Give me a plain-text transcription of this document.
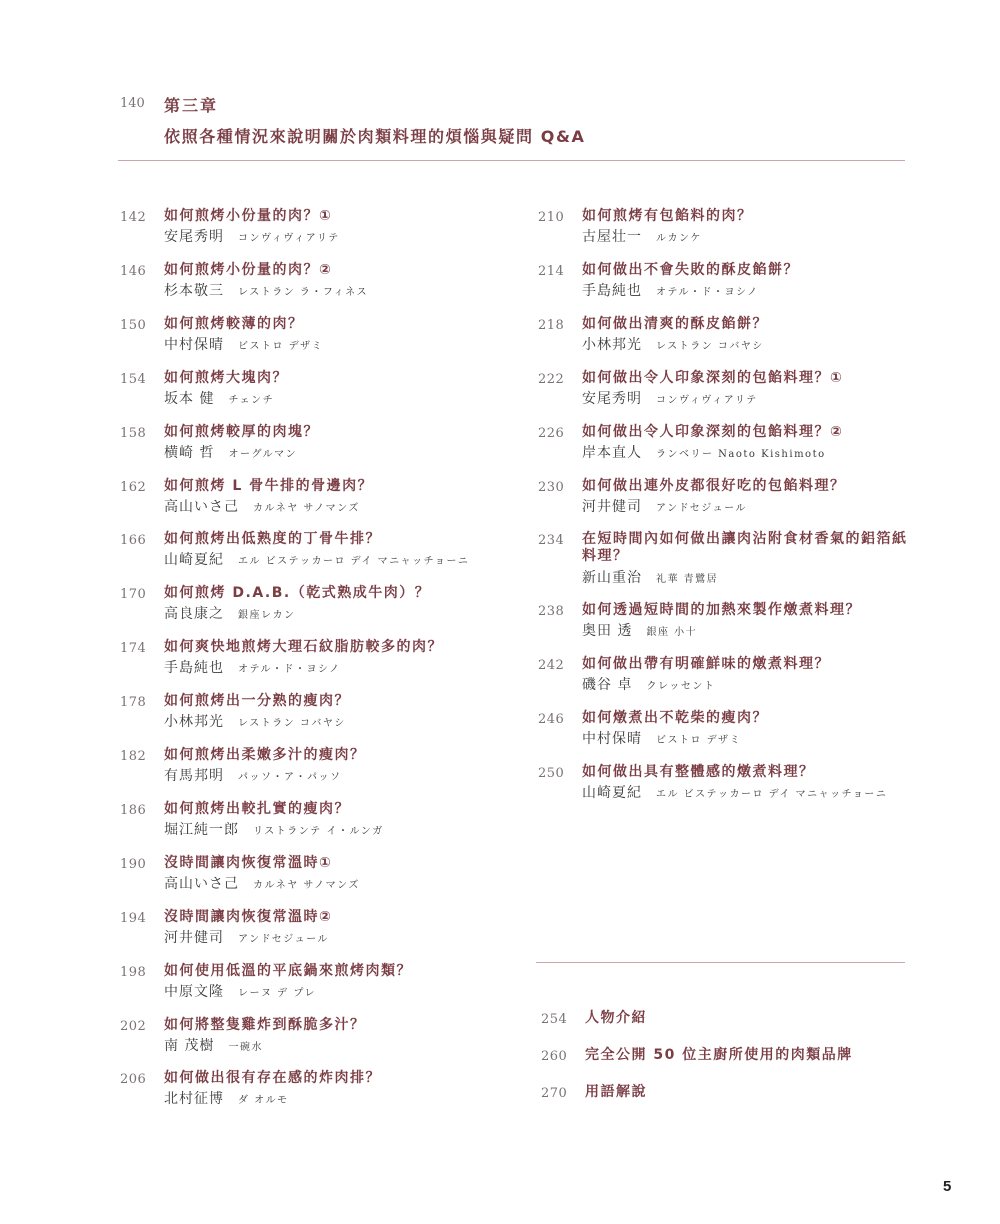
140 第三章
依照各種情況來說明關於肉類料理的煩惱與疑問 Q&A
142 如何煎烤小份量的肉？①
安尾秀明 コンヴィヴィアリテ
146 如何煎烤小份量的肉？②
杉本敬三 レストラン ラ・フィネス
150 如何煎烤較薄的肉？
中村保晴 ビストロ デザミ
154 如何煎烤大塊肉？
坂本 健 チェンチ
158 如何煎烤較厚的肉塊？
横崎 哲 オーグルマン
162 如何煎烤 L 骨牛排的骨邊肉？
高山いさ己 カルネヤ サノマンズ
166 如何煎烤出低熟度的丁骨牛排？
山崎夏紀 エル ビステッカーロ デイ マニャッチョーニ
170 如何煎烤 D.A.B.（乾式熟成牛肉）？
高良康之 銀座レカン
174 如何爽快地煎烤大理石紋脂肪較多的肉？
手島純也 オテル・ド・ヨシノ
178 如何煎烤出一分熟的瘦肉？
小林邦光 レストラン コバヤシ
182 如何煎烤出柔嫩多汁的瘦肉？
有馬邦明 パッソ・ア・パッソ
186 如何煎烤出較扎實的瘦肉？
堀江純一郎 リストランテ イ・ルンガ
190 沒時間讓肉恢復常溫時①
高山いさ己 カルネヤ サノマンズ
194 沒時間讓肉恢復常溫時②
河井健司 アンドセジュール
198 如何使用低溫的平底鍋來煎烤肉類？
中原文隆 レーヌ デ プレ
202 如何將整隻雞炸到酥脆多汁？
南 茂樹 一碗水
206 如何做出很有存在感的炸肉排？
北村征博 ダ オルモ
210 如何煎烤有包餡料的肉？
古屋壮一 ルカンケ
214 如何做出不會失敗的酥皮餡餅？
手島純也 オテル・ド・ヨシノ
218 如何做出清爽的酥皮餡餅？
小林邦光 レストラン コバヤシ
222 如何做出令人印象深刻的包餡料理？①
安尾秀明 コンヴィヴィアリテ
226 如何做出令人印象深刻的包餡料理？②
岸本直人 ランベリー Naoto Kishimoto
230 如何做出連外皮都很好吃的包餡料理？
河井健司 アンドセジュール
234 在短時間內如何做出讓肉沾附食材香氣的鋁箔紙料理？
新山重治 礼華 青鷺居
238 如何透過短時間的加熱來製作燉煮料理？
奥田 透 銀座 小十
242 如何做出帶有明確鮮味的燉煮料理？
磯谷 卓 クレッセント
246 如何燉煮出不乾柴的瘦肉？
中村保晴 ビストロ デザミ
250 如何做出具有整體感的燉煮料理？
山崎夏紀 エル ビステッカーロ デイ マニャッチョーニ
254 人物介紹
260 完全公開 50 位主廚所使用的肉類品牌
270 用語解說
5
